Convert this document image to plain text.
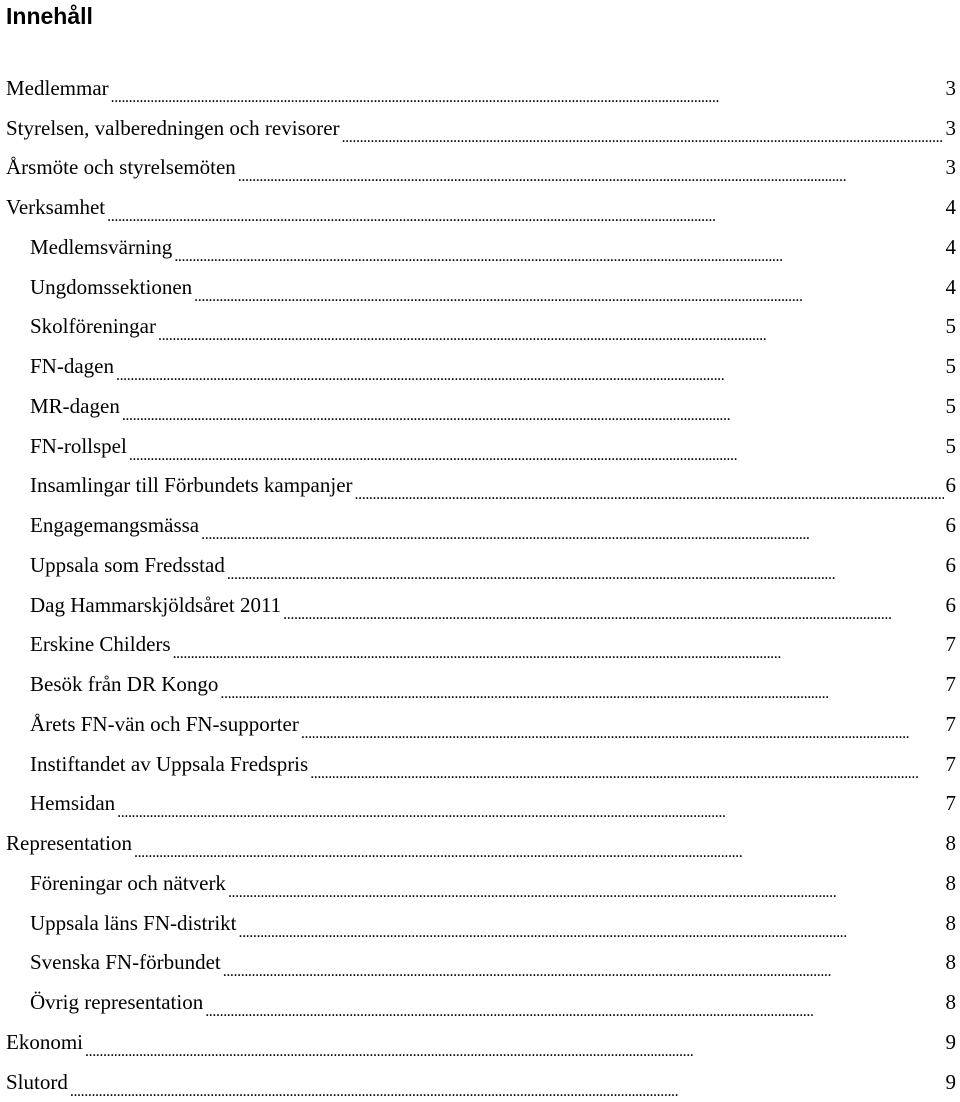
Innehåll
Medlemmar . . .	3
Styrelsen, valberedningen och revisorer . . .	3
Årsmöte och styrelsemöten . . .	3
Verksamhet . . .	4
Medlemsvärning . . .	4
Ungdomssektionen . . .	4
Skolföreningar . . .	5
FN-dagen . . .	5
MR-dagen . . .	5
FN-rollspel . . .	5
Insamlingar till Förbundets kampanjer . . .	6
Engagemangsmässa . . .	6
Uppsala som Fredsstad . . .	6
Dag Hammarskjöldsåret 2011 . . .	6
Erskine Childers . . .	7
Besök från DR Kongo . . .	7
Årets FN-vän och FN-supporter . . .	7
Instiftandet av Uppsala Fredspris . . .	7
Hemsidan . . .	7
Representation . . .	8
Föreningar och nätverk . . .	8
Uppsala läns FN-distrikt . . .	8
Svenska FN-förbundet . . .	8
Övrig representation . . .	8
Ekonomi . . .	9
Slutord . . .	9
